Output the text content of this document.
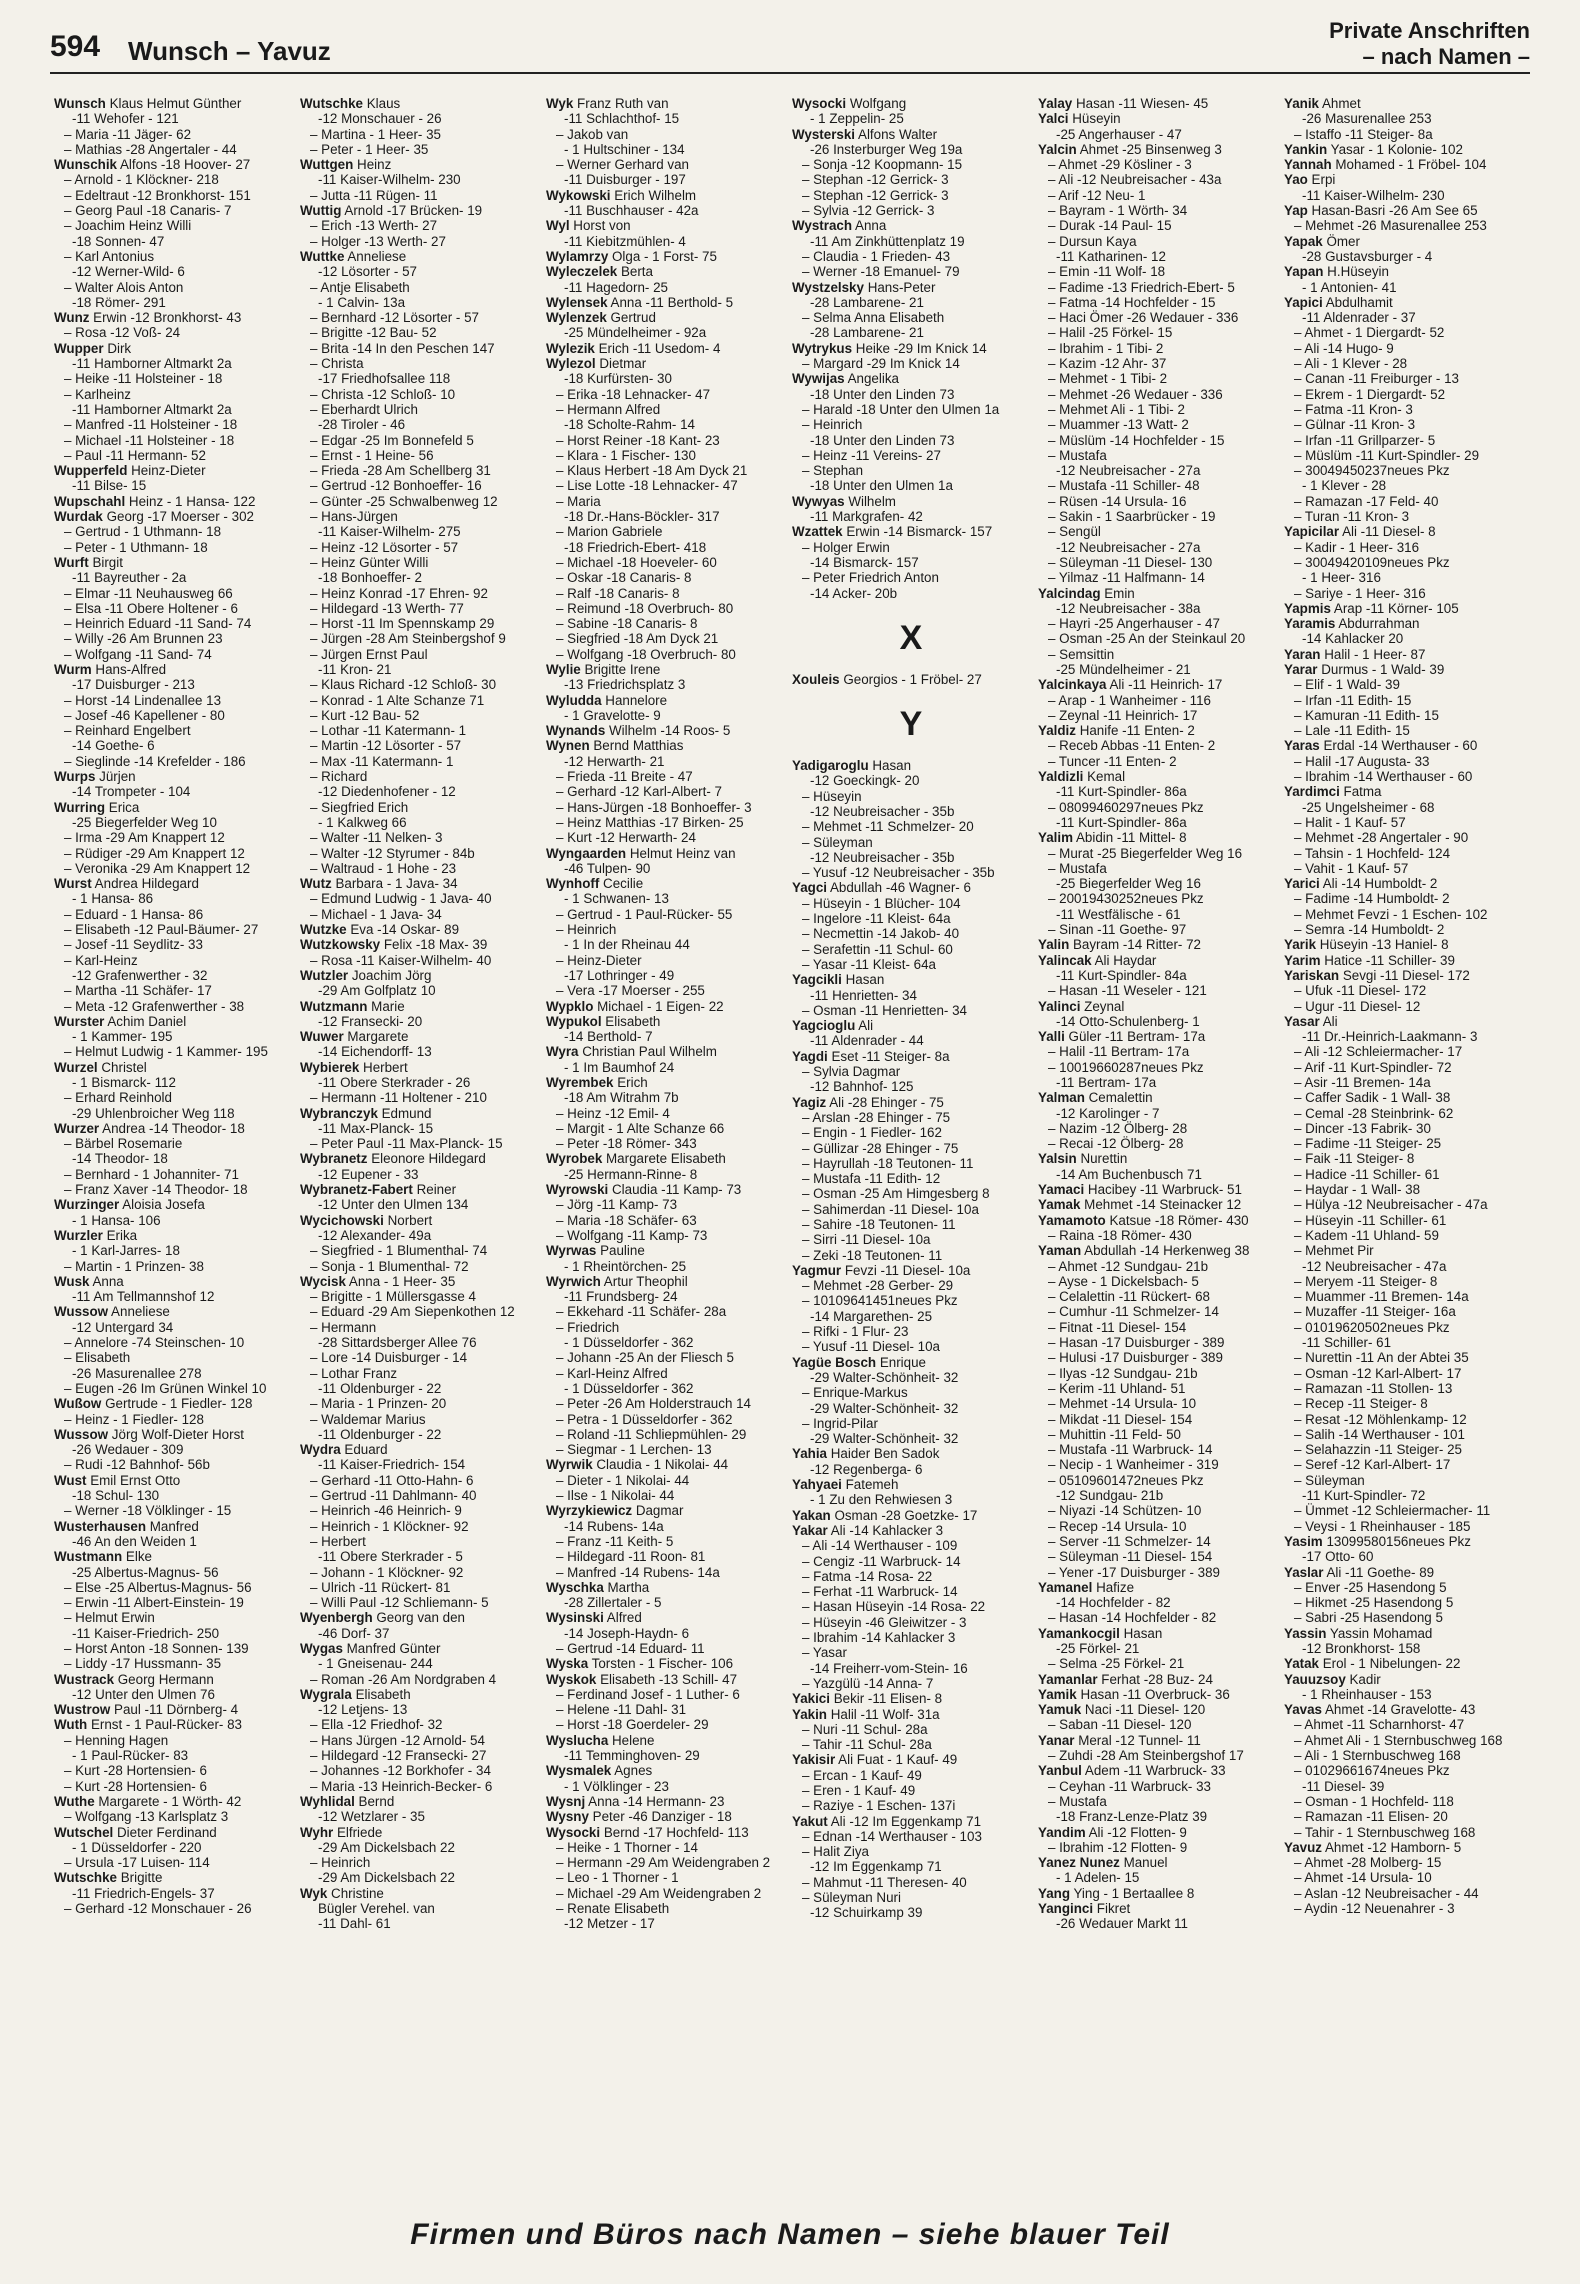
594 Wunsch – Yavuz
Private Anschriften
– nach Namen –
Wunsch Klaus Helmut Günther
-11 Wehofer - 121
– Maria -11 Jäger- 62
– Mathias -28 Angertaler - 44
Wunschik Alfons -18 Hoover- 27
– Arnold - 1 Klöckner- 218
– Edeltraut -12 Bronkhorst- 151
– Georg Paul -18 Canaris- 7
– Joachim Heinz Willi
-18 Sonnen- 47
– Karl Antonius
-12 Werner-Wild- 6
– Walter Alois Anton
-18 Römer- 291
Wunz Erwin -12 Bronkhorst- 43
– Rosa -12 Voß- 24
Wupper Dirk
-11 Hamborner Altmarkt 2a
– Heike -11 Holsteiner - 18
– Karlheinz
-11 Hamborner Altmarkt 2a
– Manfred -11 Holsteiner - 18
– Michael -11 Holsteiner - 18
– Paul -11 Hermann- 52
Wupperfeld Heinz-Dieter
-11 Bilse- 15
Wupschahl Heinz - 1 Hansa- 122
Wurdak Georg -17 Moerser - 302
– Gertrud - 1 Uthmann- 18
– Peter - 1 Uthmann- 18
Wurft Birgit
-11 Bayreuther - 2a
– Elmar -11 Neuhausweg 66
– Elsa -11 Obere Holtener - 6
– Heinrich Eduard -11 Sand- 74
– Willy -26 Am Brunnen 23
– Wolfgang -11 Sand- 74
Wurm Hans-Alfred
-17 Duisburger - 213
– Horst -14 Lindenallee 13
– Josef -46 Kapellener - 80
– Reinhard Engelbert
-14 Goethe- 6
– Sieglinde -14 Krefelder - 186
Wurps Jürjen
-14 Trompeter - 104
Wurring Erica
-25 Biegerfelder Weg 10
– Irma -29 Am Knappert 12
– Rüdiger -29 Am Knappert 12
– Veronika -29 Am Knappert 12
Wurst Andrea Hildegard
- 1 Hansa- 86
– Eduard - 1 Hansa- 86
– Elisabeth -12 Paul-Bäumer- 27
– Josef -11 Seydlitz- 33
– Karl-Heinz
-12 Grafenwerther - 32
– Martha -11 Schäfer- 17
– Meta -12 Grafenwerther - 38
Wurster Achim Daniel
- 1 Kammer- 195
– Helmut Ludwig - 1 Kammer- 195
Wurzel Christel
- 1 Bismarck- 112
– Erhard Reinhold
-29 Uhlenbroicher Weg 118
Wurzer Andrea -14 Theodor- 18
– Bärbel Rosemarie
-14 Theodor- 18
– Bernhard - 1 Johanniter- 71
– Franz Xaver -14 Theodor- 18
Wurzinger Aloisia Josefa
- 1 Hansa- 106
Wurzler Erika
- 1 Karl-Jarres- 18
– Martin - 1 Prinzen- 38
Wusk Anna
-11 Am Tellmannshof 12
Wussow Anneliese
-12 Untergard 34
– Annelore -74 Steinschen- 10
– Elisabeth
-26 Masurenallee 278
– Eugen -26 Im Grünen Winkel 10
Wußow Gertrude - 1 Fiedler- 128
– Heinz - 1 Fiedler- 128
Wussow Jörg Wolf-Dieter Horst
-26 Wedauer - 309
– Rudi -12 Bahnhof- 56b
Wust Emil Ernst Otto
-18 Schul- 130
– Werner -18 Völklinger - 15
Wusterhausen Manfred
-46 An den Weiden 1
Wustmann Elke
-25 Albertus-Magnus- 56
– Else -25 Albertus-Magnus- 56
– Erwin -11 Albert-Einstein- 19
– Helmut Erwin
-11 Kaiser-Friedrich- 250
– Horst Anton -18 Sonnen- 139
– Liddy -17 Hussmann- 35
Wustrack Georg Hermann
-12 Unter den Ulmen 76
Wustrow Paul -11 Dörnberg- 4
Wuth Ernst - 1 Paul-Rücker- 83
– Henning Hagen
- 1 Paul-Rücker- 83
– Kurt -28 Hortensien- 6
– Kurt -28 Hortensien- 6
Wuthe Margarete - 1 Wörth- 42
– Wolfgang -13 Karlsplatz 3
Wutschel Dieter Ferdinand
- 1 Düsseldorfer - 220
– Ursula -17 Luisen- 114
Wutschke Brigitte
-11 Friedrich-Engels- 37
– Gerhard -12 Monschauer - 26
Wutschke Klaus
-12 Monschauer - 26
– Martina - 1 Heer- 35
– Peter - 1 Heer- 35
Wuttgen Heinz
-11 Kaiser-Wilhelm- 230
– Jutta -11 Rügen- 11
Wuttig Arnold -17 Brücken- 19
– Erich -13 Werth- 27
– Holger -13 Werth- 27
Wuttke Anneliese
-12 Lösorter - 57
– Antje Elisabeth
- 1 Calvin- 13a
– Bernhard -12 Lösorter - 57
– Brigitte -12 Bau- 52
– Brita -14 In den Peschen 147
– Christa
-17 Friedhofsallee 118
– Christa -12 Schloß- 10
– Eberhardt Ulrich
-28 Tiroler - 46
– Edgar -25 Im Bonnefeld 5
– Ernst - 1 Heine- 56
– Frieda -28 Am Schellberg 31
– Gertrud -12 Bonhoeffer- 16
– Günter -25 Schwalbenweg 12
– Hans-Jürgen
-11 Kaiser-Wilhelm- 275
– Heinz -12 Lösorter - 57
– Heinz Günter Willi
-18 Bonhoeffer- 2
– Heinz Konrad -17 Ehren- 92
– Hildegard -13 Werth- 77
– Horst -11 Im Spennskamp 29
– Jürgen -28 Am Steinbergshof 9
– Jürgen Ernst Paul
-11 Kron- 21
– Klaus Richard -12 Schloß- 30
– Konrad - 1 Alte Schanze 71
– Kurt -12 Bau- 52
– Lothar -11 Katermann- 1
– Martin -12 Lösorter - 57
– Max -11 Katermann- 1
– Richard
-12 Diedenhofener - 12
– Siegfried Erich
- 1 Kalkweg 66
– Walter -11 Nelken- 3
– Walter -12 Styrumer - 84b
– Waltraud - 1 Hohe - 23
Wutz Barbara - 1 Java- 34
– Edmund Ludwig - 1 Java- 40
– Michael - 1 Java- 34
Wutzke Eva -14 Oskar- 89
Wutzkowsky Felix -18 Max- 39
– Rosa -11 Kaiser-Wilhelm- 40
Wutzler Joachim Jörg
-29 Am Golfplatz 10
Wutzmann Marie
-12 Fransecki- 20
Wuwer Margarete
-14 Eichendorff- 13
Wybierek Herbert
-11 Obere Sterkrader - 26
– Hermann -11 Holtener - 210
Wybranczyk Edmund
-11 Max-Planck- 15
– Peter Paul -11 Max-Planck- 15
Wybranetz Eleonore Hildegard
-12 Eupener - 33
Wybranetz-Fabert Reiner
-12 Unter den Ulmen 134
Wycichowski Norbert
-12 Alexander- 49a
– Siegfried - 1 Blumenthal- 74
– Sonja - 1 Blumenthal- 72
Wycisk Anna - 1 Heer- 35
– Brigitte - 1 Müllersgasse 4
– Eduard -29 Am Siepenkothen 12
– Hermann
-28 Sittardsberger Allee 76
– Lore -14 Duisburger - 14
– Lothar Franz
-11 Oldenburger - 22
– Maria - 1 Prinzen- 20
– Waldemar Marius
-11 Oldenburger - 22
Wydra Eduard
-11 Kaiser-Friedrich- 154
– Gerhard -11 Otto-Hahn- 6
– Gertrud -11 Dahlmann- 40
– Heinrich -46 Heinrich- 9
– Heinrich - 1 Klöckner- 92
– Herbert
-11 Obere Sterkrader - 5
– Johann - 1 Klöckner- 92
– Ulrich -11 Rückert- 81
– Willi Paul -12 Schliemann- 5
Wyenbergh Georg van den
-46 Dorf- 37
Wygas Manfred Günter
- 1 Gneisenau- 244
– Roman -26 Am Nordgraben 4
Wygrala Elisabeth
-12 Letjens- 13
– Ella -12 Friedhof- 32
– Hans Jürgen -12 Arnold- 54
– Hildegard -12 Fransecki- 27
– Johannes -12 Borkhofer - 34
– Maria -13 Heinrich-Becker- 6
Wyhlidal Bernd
-12 Wetzlarer - 35
Wyhr Elfriede
-29 Am Dickelsbach 22
– Heinrich
-29 Am Dickelsbach 22
Wyk Christine
Bügler Verehel. van
-11 Dahl- 61
Wyk Franz Ruth van
-11 Schlachthof- 15
– Jakob van
- 1 Hultschiner - 134
– Werner Gerhard van
-11 Duisburger - 197
Wykowski Erich Wilhelm
-11 Buschhauser - 42a
Wyl Horst von
-11 Kiebitzmühlen- 4
Wylamrzy Olga - 1 Forst- 75
Wyleczelek Berta
-11 Hagedorn- 25
Wylensek Anna -11 Berthold- 5
Wylenzek Gertrud
-25 Mündelheimer - 92a
Wylezik Erich -11 Usedom- 4
Wylezol Dietmar
-18 Kurfürsten- 30
– Erika -18 Lehnacker- 47
– Hermann Alfred
-18 Scholte-Rahm- 14
– Horst Reiner -18 Kant- 23
– Klara - 1 Fischer- 130
– Klaus Herbert -18 Am Dyck 21
– Lise Lotte -18 Lehnacker- 47
– Maria
-18 Dr.-Hans-Böckler- 317
– Marion Gabriele
-18 Friedrich-Ebert- 418
– Michael -18 Hoeveler- 60
– Oskar -18 Canaris- 8
– Ralf -18 Canaris- 8
– Reimund -18 Overbruch- 80
– Sabine -18 Canaris- 8
– Siegfried -18 Am Dyck 21
– Wolfgang -18 Overbruch- 80
Wylie Brigitte Irene
-13 Friedrichsplatz 3
Wyludda Hannelore
- 1 Gravelotte- 9
Wynands Wilhelm -14 Roos- 5
Wynen Bernd Matthias
-12 Herwarth- 21
– Frieda -11 Breite - 47
– Gerhard -12 Karl-Albert- 7
– Hans-Jürgen -18 Bonhoeffer- 3
– Heinz Matthias -17 Birken- 25
– Kurt -12 Herwarth- 24
Wyngaarden Helmut Heinz van
-46 Tulpen- 90
Wynhoff Cecilie
- 1 Schwanen- 13
– Gertrud - 1 Paul-Rücker- 55
– Heinrich
- 1 In der Rheinau 44
– Heinz-Dieter
-17 Lothringer - 49
– Vera -17 Moerser - 255
Wypklo Michael - 1 Eigen- 22
Wypukol Elisabeth
-14 Berthold- 7
Wyra Christian Paul Wilhelm
- 1 Im Baumhof 24
Wyrembek Erich
-18 Am Witrahm 7b
– Heinz -12 Emil- 4
– Margit - 1 Alte Schanze 66
– Peter -18 Römer- 343
Wyrobek Margarete Elisabeth
-25 Hermann-Rinne- 8
Wyrowski Claudia -11 Kamp- 73
– Jörg -11 Kamp- 73
– Maria -18 Schäfer- 63
– Wolfgang -11 Kamp- 73
Wyrwas Pauline
- 1 Rheintörchen- 25
Wyrwich Artur Theophil
-11 Frundsberg- 24
– Ekkehard -11 Schäfer- 28a
– Friedrich
- 1 Düsseldorfer - 362
– Johann -25 An der Fliesch 5
– Karl-Heinz Alfred
- 1 Düsseldorfer - 362
– Peter -26 Am Holderstrauch 14
– Petra - 1 Düsseldorfer - 362
– Roland -11 Schliepmühlen- 29
– Siegmar - 1 Lerchen- 13
Wyrwik Claudia - 1 Nikolai- 44
– Dieter - 1 Nikolai- 44
– Ilse - 1 Nikolai- 44
Wyrzykiewicz Dagmar
-14 Rubens- 14a
– Franz -11 Keith- 5
– Hildegard -11 Roon- 81
– Manfred -14 Rubens- 14a
Wyschka Martha
-28 Zillertaler - 5
Wysinski Alfred
-14 Joseph-Haydn- 6
– Gertrud -14 Eduard- 11
Wyska Torsten - 1 Fischer- 106
Wyskok Elisabeth -13 Schill- 47
– Ferdinand Josef - 1 Luther- 6
– Helene -11 Dahl- 31
– Horst -18 Goerdeler- 29
Wyslucha Helene
-11 Temminghoven- 29
Wysmalek Agnes
- 1 Völklinger - 23
Wysnj Anna -14 Hermann- 23
Wysny Peter -46 Danziger - 18
Wysocki Bernd -17 Hochfeld- 113
– Heike - 1 Thorner - 14
– Hermann -29 Am Weidengraben 2
– Leo - 1 Thorner - 1
– Michael -29 Am Weidengraben 2
– Renate Elisabeth
-12 Metzer - 17
Wysocki Wolfgang
- 1 Zeppelin- 25
Wysterski Alfons Walter
-26 Insterburger Weg 19a
– Sonja -12 Koopmann- 15
– Stephan -12 Gerrick- 3
– Stephan -12 Gerrick- 3
– Sylvia -12 Gerrick- 3
Wystrach Anna
-11 Am Zinkhüttenplatz 19
– Claudia - 1 Frieden- 43
– Werner -18 Emanuel- 79
Wystzelsky Hans-Peter
-28 Lambarene- 21
– Selma Anna Elisabeth
-28 Lambarene- 21
Wytrykus Heike -29 Im Knick 14
– Margard -29 Im Knick 14
Wywijas Angelika
-18 Unter den Linden 73
– Harald -18 Unter den Ulmen 1a
– Heinrich
-18 Unter den Linden 73
– Heinz -11 Vereins- 27
– Stephan
-18 Unter den Ulmen 1a
Wywyas Wilhelm
-11 Markgrafen- 42
Wzattek Erwin -14 Bismarck- 157
– Holger Erwin
-14 Bismarck- 157
– Peter Friedrich Anton
-14 Acker- 20b
X
Xouleis Georgios - 1 Fröbel- 27
Y
Yadigaroglu Hasan
-12 Goeckingk- 20
– Hüseyin
-12 Neubreisacher - 35b
– Mehmet -11 Schmelzer- 20
– Süleyman
-12 Neubreisacher - 35b
– Yusuf -12 Neubreisacher - 35b
Yagci Abdullah -46 Wagner- 6
– Hüseyin - 1 Blücher- 104
– Ingelore -11 Kleist- 64a
– Necmettin -14 Jakob- 40
– Serafettin -11 Schul- 60
– Yasar -11 Kleist- 64a
Yagcikli Hasan
-11 Henrietten- 34
– Osman -11 Henrietten- 34
Yagcioglu Ali
-11 Aldenrader - 44
Yagdi Eset -11 Steiger- 8a
– Sylvia Dagmar
-12 Bahnhof- 125
Yagiz Ali -28 Ehinger - 75
– Arslan -28 Ehinger - 75
– Engin - 1 Fiedler- 162
– Güllizar -28 Ehinger - 75
– Hayrullah -18 Teutonen- 11
– Mustafa -11 Edith- 12
– Osman -25 Am Himgesberg 8
– Sahimerdan -11 Diesel- 10a
– Sahire -18 Teutonen- 11
– Sirri -11 Diesel- 10a
– Zeki -18 Teutonen- 11
Yagmur Fevzi -11 Diesel- 10a
– Mehmet -28 Gerber- 29
– 10109641451neues Pkz
-14 Margarethen- 25
– Rifki - 1 Flur- 23
– Yusuf -11 Diesel- 10a
Yagüe Bosch Enrique
-29 Walter-Schönheit- 32
– Enrique-Markus
-29 Walter-Schönheit- 32
– Ingrid-Pilar
-29 Walter-Schönheit- 32
Yahia Haider Ben Sadok
-12 Regenberga- 6
Yahyaei Fatemeh
- 1 Zu den Rehwiesen 3
Yakan Osman -28 Goetzke- 17
Yakar Ali -14 Kahlacker 3
– Ali -14 Werthauser - 109
– Cengiz -11 Warbruck- 14
– Fatma -14 Rosa- 22
– Ferhat -11 Warbruck- 14
– Hasan Hüseyin -14 Rosa- 22
– Hüseyin -46 Gleiwitzer - 3
– Ibrahim -14 Kahlacker 3
– Yasar
-14 Freiherr-vom-Stein- 16
– Yazgülü -14 Anna- 7
Yakici Bekir -11 Elisen- 8
Yakin Halil -11 Wolf- 31a
– Nuri -11 Schul- 28a
– Tahir -11 Schul- 28a
Yakisir Ali Fuat - 1 Kauf- 49
– Ercan - 1 Kauf- 49
– Eren - 1 Kauf- 49
– Raziye - 1 Eschen- 137i
Yakut Ali -12 Im Eggenkamp 71
– Ednan -14 Werthauser - 103
– Halit Ziya
-12 Im Eggenkamp 71
– Mahmut -11 Theresen- 40
– Süleyman Nuri
-12 Schuirkamp 39
Yalay Hasan -11 Wiesen- 45
Yalci Hüseyin
-25 Angerhauser - 47
Yalcin Ahmet -25 Binsenweg 3
– Ahmet -29 Kösliner - 3
– Ali -12 Neubreisacher - 43a
– Arif -12 Neu- 1
– Bayram - 1 Wörth- 34
– Durak -14 Paul- 15
– Dursun Kaya
-11 Katharinen- 12
– Emin -11 Wolf- 18
– Fadime -13 Friedrich-Ebert- 5
– Fatma -14 Hochfelder - 15
– Haci Ömer -26 Wedauer - 336
– Halil -25 Förkel- 15
– Ibrahim - 1 Tibi- 2
– Kazim -12 Ahr- 37
– Mehmet - 1 Tibi- 2
– Mehmet -26 Wedauer - 336
– Mehmet Ali - 1 Tibi- 2
– Muammer -13 Watt- 2
– Müslüm -14 Hochfelder - 15
– Mustafa
-12 Neubreisacher - 27a
– Mustafa -11 Schiller- 48
– Rüsen -14 Ursula- 16
– Sakin - 1 Saarbrücker - 19
– Sengül
-12 Neubreisacher - 27a
– Süleyman -11 Diesel- 130
– Yilmaz -11 Halfmann- 14
Yalcindag Emin
-12 Neubreisacher - 38a
– Hayri -25 Angerhauser - 47
– Osman -25 An der Steinkaul 20
– Semsittin
-25 Mündelheimer - 21
Yalcinkaya Ali -11 Heinrich- 17
– Arap - 1 Wanheimer - 116
– Zeynal -11 Heinrich- 17
Yaldiz Hanife -11 Enten- 2
– Receb Abbas -11 Enten- 2
– Tuncer -11 Enten- 2
Yaldizli Kemal
-11 Kurt-Spindler- 86a
– 08099460297neues Pkz
-11 Kurt-Spindler- 86a
Yalim Abidin -11 Mittel- 8
– Murat -25 Biegerfelder Weg 16
– Mustafa
-25 Biegerfelder Weg 16
– 20019430252neues Pkz
-11 Westfälische - 61
– Sinan -11 Goethe- 97
Yalin Bayram -14 Ritter- 72
Yalincak Ali Haydar
-11 Kurt-Spindler- 84a
– Hasan -11 Weseler - 121
Yalinci Zeynal
-14 Otto-Schulenberg- 1
Yalli Güler -11 Bertram- 17a
– Halil -11 Bertram- 17a
– 10019660287neues Pkz
-11 Bertram- 17a
Yalman Cemalettin
-12 Karolinger - 7
– Nazim -12 Ölberg- 28
– Recai -12 Ölberg- 28
Yalsin Nurettin
-14 Am Buchenbusch 71
Yamaci Hacibey -11 Warbruck- 51
Yamak Mehmet -14 Steinacker 12
Yamamoto Katsue -18 Römer- 430
– Raina -18 Römer- 430
Yaman Abdullah -14 Herkenweg 38
– Ahmet -12 Sundgau- 21b
– Ayse - 1 Dickelsbach- 5
– Celalettin -11 Rückert- 68
– Cumhur -11 Schmelzer- 14
– Fitnat -11 Diesel- 154
– Hasan -17 Duisburger - 389
– Hulusi -17 Duisburger - 389
– Ilyas -12 Sundgau- 21b
– Kerim -11 Uhland- 51
– Mehmet -14 Ursula- 10
– Mikdat -11 Diesel- 154
– Muhittin -11 Feld- 50
– Mustafa -11 Warbruck- 14
– Necip - 1 Wanheimer - 319
– 05109601472neues Pkz
-12 Sundgau- 21b
– Niyazi -14 Schützen- 10
– Recep -14 Ursula- 10
– Server -11 Schmelzer- 14
– Süleyman -11 Diesel- 154
– Yener -17 Duisburger - 389
Yamanel Hafize
-14 Hochfelder - 82
– Hasan -14 Hochfelder - 82
Yamankocgil Hasan
-25 Förkel- 21
– Selma -25 Förkel- 21
Yamanlar Ferhat -28 Buz- 24
Yamik Hasan -11 Overbruck- 36
Yamuk Naci -11 Diesel- 120
– Saban -11 Diesel- 120
Yanar Meral -12 Tunnel- 11
– Zuhdi -28 Am Steinbergshof 17
Yanbul Adem -11 Warbruck- 33
– Ceyhan -11 Warbruck- 33
– Mustafa
-18 Franz-Lenze-Platz 39
Yandim Ali -12 Flotten- 9
– Ibrahim -12 Flotten- 9
Yanez Nunez Manuel
- 1 Adelen- 15
Yang Ying - 1 Bertaallee 8
Yanginci Fikret
-26 Wedauer Markt 11
Yanik Ahmet
-26 Masurenallee 253
– Istaffo -11 Steiger- 8a
Yankin Yasar - 1 Kolonie- 102
Yannah Mohamed - 1 Fröbel- 104
Yao Erpi
-11 Kaiser-Wilhelm- 230
Yap Hasan-Basri -26 Am See 65
– Mehmet -26 Masurenallee 253
Yapak Ömer
-28 Gustavsburger - 4
Yapan H.Hüseyin
- 1 Antonien- 41
Yapici Abdulhamit
-11 Aldenrader - 37
– Ahmet - 1 Diergardt- 52
– Ali -14 Hugo- 9
– Ali - 1 Klever - 28
– Canan -11 Freiburger - 13
– Ekrem - 1 Diergardt- 52
– Fatma -11 Kron- 3
– Gülnar -11 Kron- 3
– Irfan -11 Grillparzer- 5
– Müslüm -11 Kurt-Spindler- 29
– 30049450237neues Pkz
- 1 Klever - 28
– Ramazan -17 Feld- 40
– Turan -11 Kron- 3
Yapicilar Ali -11 Diesel- 8
– Kadir - 1 Heer- 316
– 30049420109neues Pkz
- 1 Heer- 316
– Sariye - 1 Heer- 316
Yapmis Arap -11 Körner- 105
Yaramis Abdurrahman
-14 Kahlacker 20
Yaran Halil - 1 Heer- 87
Yarar Durmus - 1 Wald- 39
– Elif - 1 Wald- 39
– Irfan -11 Edith- 15
– Kamuran -11 Edith- 15
– Lale -11 Edith- 15
Yaras Erdal -14 Werthauser - 60
– Halil -17 Augusta- 33
– Ibrahim -14 Werthauser - 60
Yardimci Fatma
-25 Ungelsheimer - 68
– Halit - 1 Kauf- 57
– Mehmet -28 Angertaler - 90
– Tahsin - 1 Hochfeld- 124
– Vahit - 1 Kauf- 57
Yarici Ali -14 Humboldt- 2
– Fadime -14 Humboldt- 2
– Mehmet Fevzi - 1 Eschen- 102
– Semra -14 Humboldt- 2
Yarik Hüseyin -13 Haniel- 8
Yarim Hatice -11 Schiller- 39
Yariskan Sevgi -11 Diesel- 172
– Ufuk -11 Diesel- 172
– Ugur -11 Diesel- 12
Yasar Ali
-11 Dr.-Heinrich-Laakmann- 3
– Ali -12 Schleiermacher- 17
– Arif -11 Kurt-Spindler- 72
– Asir -11 Bremen- 14a
– Caffer Sadik - 1 Wall- 38
– Cemal -28 Steinbrink- 62
– Dincer -13 Fabrik- 30
– Fadime -11 Steiger- 25
– Faik -11 Steiger- 8
– Hadice -11 Schiller- 61
– Haydar - 1 Wall- 38
– Hülya -12 Neubreisacher - 47a
– Hüseyin -11 Schiller- 61
– Kadem -11 Uhland- 59
– Mehmet Pir
-12 Neubreisacher - 47a
– Meryem -11 Steiger- 8
– Muammer -11 Bremen- 14a
– Muzaffer -11 Steiger- 16a
– 01019620502neues Pkz
-11 Schiller- 61
– Nurettin -11 An der Abtei 35
– Osman -12 Karl-Albert- 17
– Ramazan -11 Stollen- 13
– Recep -11 Steiger- 8
– Resat -12 Möhlenkamp- 12
– Salih -14 Werthauser - 101
– Selahazzin -11 Steiger- 25
– Seref -12 Karl-Albert- 17
– Süleyman
-11 Kurt-Spindler- 72
– Ümmet -12 Schleiermacher- 11
– Veysi - 1 Rheinhauser - 185
Yasim 13099580156neues Pkz
-17 Otto- 60
Yaslar Ali -11 Goethe- 89
– Enver -25 Hasendong 5
– Hikmet -25 Hasendong 5
– Sabri -25 Hasendong 5
Yassin Yassin Mohamad
-12 Bronkhorst- 158
Yatak Erol - 1 Nibelungen- 22
Yauuzsoy Kadir
- 1 Rheinhauser - 153
Yavas Ahmet -14 Gravelotte- 43
– Ahmet -11 Scharnhorst- 47
– Ahmet Ali - 1 Sternbuschweg 168
– Ali - 1 Sternbuschweg 168
– 01029661674neues Pkz
-11 Diesel- 39
– Osman - 1 Hochfeld- 118
– Ramazan -11 Elisen- 20
– Tahir - 1 Sternbuschweg 168
Yavuz Ahmet -12 Hamborn- 5
– Ahmet -28 Molberg- 15
– Ahmet -14 Ursula- 10
– Aslan -12 Neubreisacher - 44
– Aydin -12 Neuenahrer - 3
Firmen und Büros nach Namen – siehe blauer Teil
